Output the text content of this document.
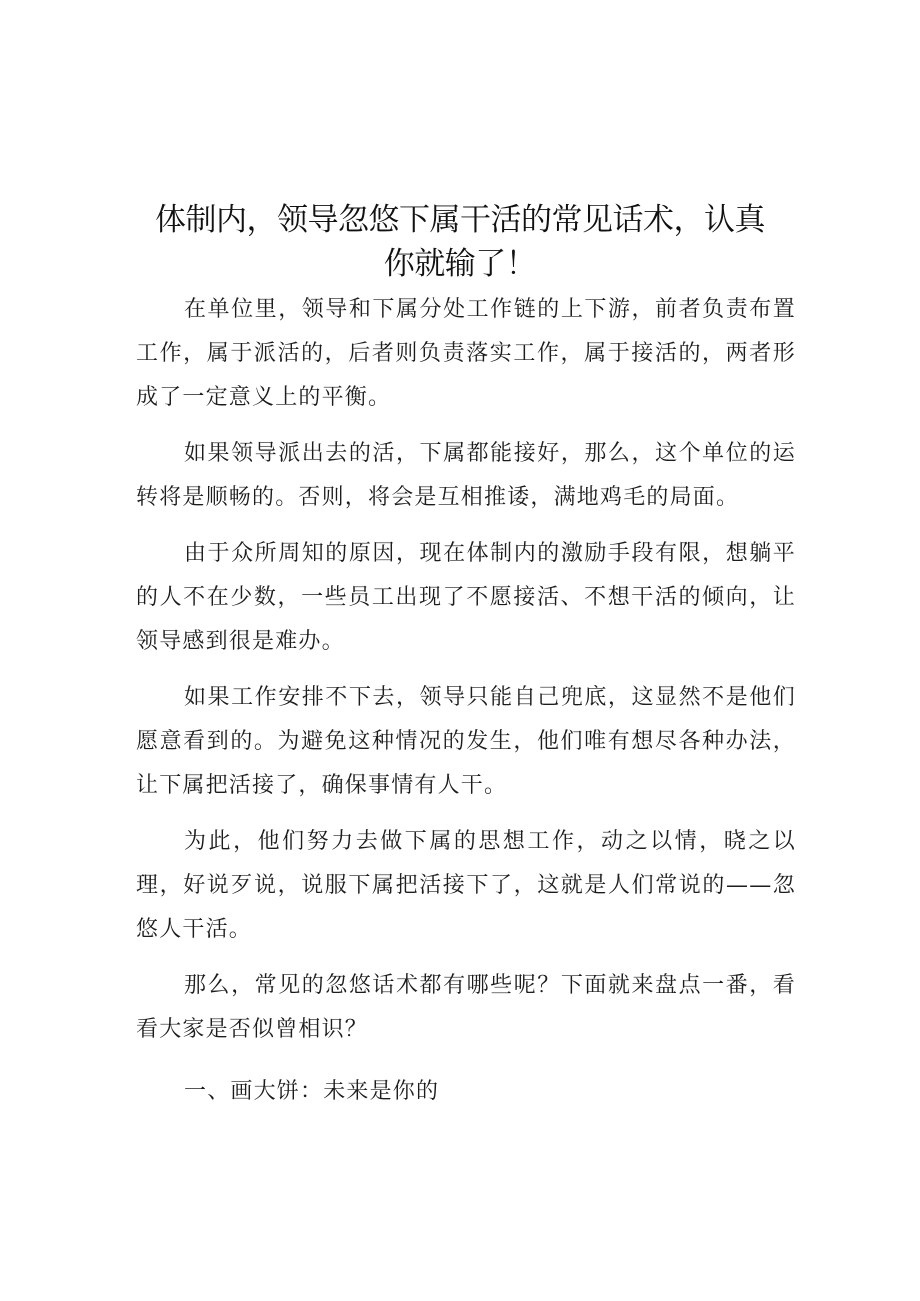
体制内，领导忽悠下属干活的常见话术，认真
你就输了！

在单位里，领导和下属分处工作链的上下游，前者负责布置工作，属于派活的，后者则负责落实工作，属于接活的，两者形成了一定意义上的平衡。

如果领导派出去的活，下属都能接好，那么，这个单位的运转将是顺畅的。否则，将会是互相推诿，满地鸡毛的局面。

由于众所周知的原因，现在体制内的激励手段有限，想躺平的人不在少数，一些员工出现了不愿接活、不想干活的倾向，让领导感到很是难办。

如果工作安排不下去，领导只能自己兜底，这显然不是他们愿意看到的。为避免这种情况的发生，他们唯有想尽各种办法，让下属把活接了，确保事情有人干。

为此，他们努力去做下属的思想工作，动之以情，晓之以理，好说歹说，说服下属把活接下了，这就是人们常说的——忽悠人干活。

那么，常见的忽悠话术都有哪些呢？下面就来盘点一番，看看大家是否似曾相识？

一、画大饼：未来是你的
